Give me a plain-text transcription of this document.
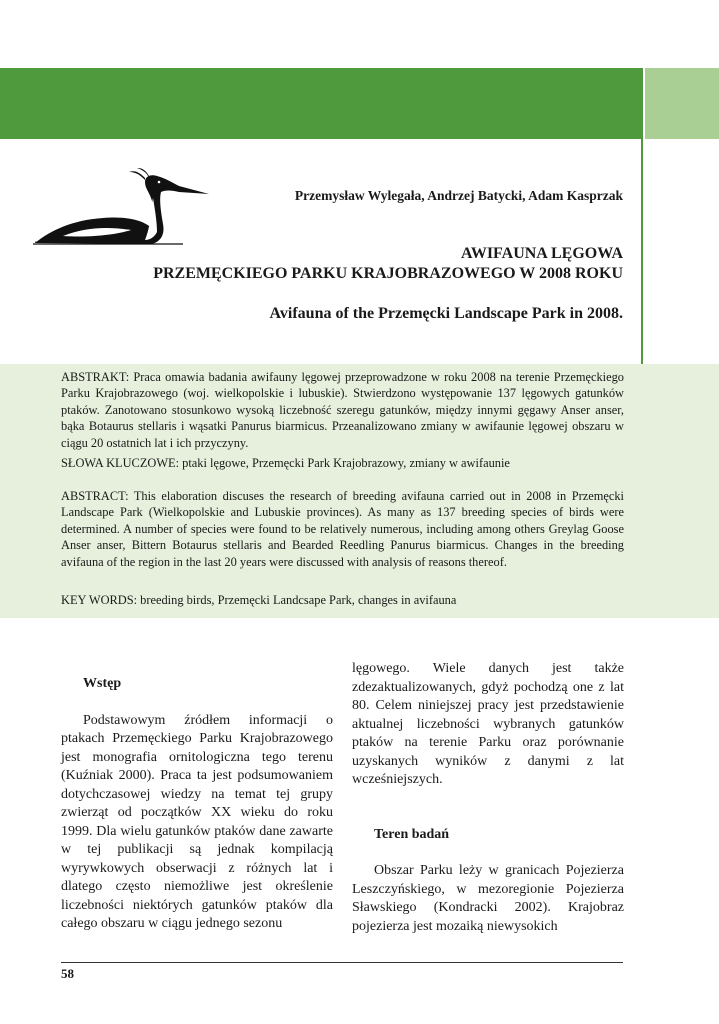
Przegląd Przyrodniczy
XXI, 3 (2010): 58-68
Przemysław Wylegała, Andrzej Batycki, Adam Kasprzak
AWIFAUNA LĘGOWA
PRZEMĘCKIEGO PARKU KRAJOBRAZOWEGO W 2008 ROKU
Avifauna of the Przemęcki Landscape Park in 2008.
ABSTRAKT: Praca omawia badania awifauny lęgowej przeprowadzone w roku 2008 na terenie Przemęckiego Parku Krajobrazowego (woj. wielkopolskie i lubuskie). Stwierdzono występowanie 137 lęgowych gatunków ptaków. Zanotowano stosunkowo wysoką liczebność szeregu gatunków, między innymi gęgawy Anser anser, bąka Botaurus stellaris i wąsatki Panurus biarmicus. Przeanalizowano zmiany w awifaunie lęgowej obszaru w ciągu 20 ostatnich lat i ich przyczyny.
SŁOWA KLUCZOWE: ptaki lęgowe, Przemęcki Park Krajobrazowy, zmiany w awifaunie
ABSTRACT: This elaboration discuses the research of breeding avifauna carried out in 2008 in Przemęcki Landscape Park (Wielkopolskie and Lubuskie provinces). As many as 137 breeding species of birds were determined. A number of species were found to be relatively numerous, including among others Greylag Goose Anser anser, Bittern Botaurus stellaris and Bearded Reedling Panurus biarmicus. Changes in the breeding avifauna of the region in the last 20 years were discussed with analysis of reasons thereof.
KEY WORDS: breeding birds, Przemęcki Landcsape Park, changes in avifauna
Wstęp

Podstawowym źródłem informacji o ptakach Przemęckiego Parku Krajobrazowego jest monografia ornitologiczna tego terenu (Kuźniak 2000). Praca ta jest podsumowaniem dotychczasowej wiedzy na temat tej grupy zwierząt od początków XX wieku do roku 1999. Dla wielu gatunków ptaków dane zawarte w tej publikacji są jednak kompilacją wyrywkowych obserwacji z różnych lat i dlatego często niemożliwe jest określenie liczebności niektórych gatunków ptaków dla całego obszaru w ciągu jednego sezonu

lęgowego. Wiele danych jest także zdezaktualizowanych, gdyż pochodzą one z lat 80. Celem niniejszej pracy jest przedstawienie aktualnej liczebności wybranych gatunków ptaków na terenie Parku oraz porównanie uzyskanych wyników z danymi z lat wcześniejszych.

Teren badań

Obszar Parku leży w granicach Pojezierza Leszczyńskiego, w mezoregionie Pojezierza Sławskiego (Kondracki 2002). Krajobraz pojezierza jest mozaiką niewysokich

58
